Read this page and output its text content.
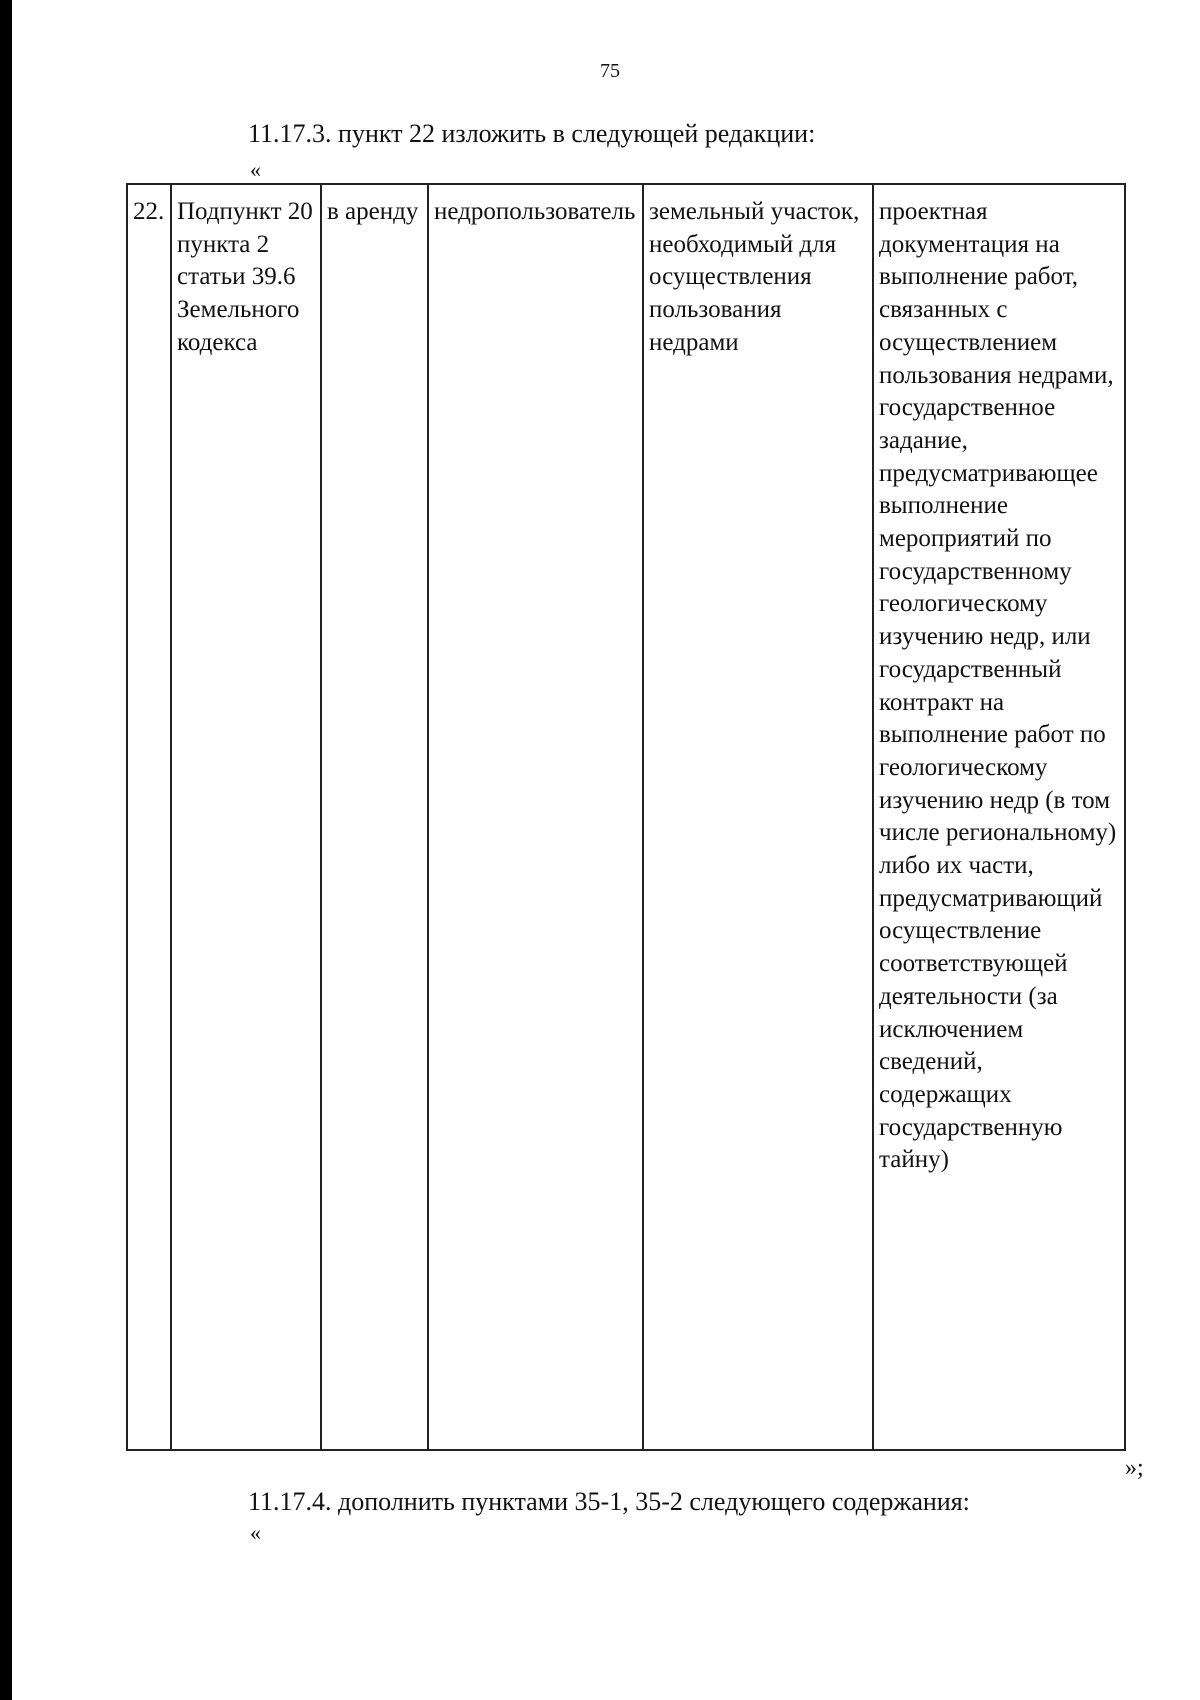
75
11.17.3. пункт 22 изложить в следующей редакции:
«
22.	Подпункт 20 пункта 2 статьи 39.6 Земельного кодекса	в аренду	недропользователь	земельный участок, необходимый для осуществления пользования недрами	проектная документация на выполнение работ, связанных с осуществлением пользования недрами, государственное задание, предусматривающее выполнение мероприятий по государственному геологическому изучению недр, или государственный контракт на выполнение работ по геологическому изучению недр (в том числе региональному) либо их части, предусматривающий осуществление соответствующей деятельности (за исключением сведений, содержащих государственную тайну)
»;
11.17.4. дополнить пунктами 35-1, 35-2 следующего содержания:
«
